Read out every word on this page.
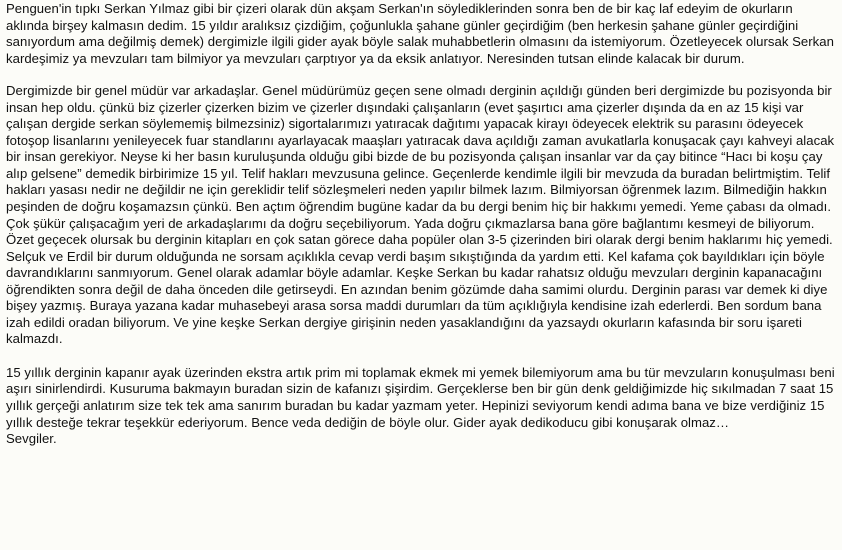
Penguen'in tıpkı Serkan Yılmaz gibi bir çizeri olarak dün akşam Serkan'ın söylediklerinden sonra ben de bir kaç laf edeyim de okurların aklında birşey kalmasın dedim. 15 yıldır aralıksız çizdiğim, çoğunlukla şahane günler geçirdiğim (ben herkesin şahane günler geçirdiğini sanıyordum ama değilmiş demek) dergimizle ilgili gider ayak böyle salak muhabbetlerin olmasını da istemiyorum. Özetleyecek olursak Serkan kardeşimiz ya mevzuları tam bilmiyor ya mevzuları çarptıyor ya da eksik anlatıyor. Neresinden tutsan elinde kalacak bir durum.

Dergimizde bir genel müdür var arkadaşlar. Genel müdürümüz geçen sene olmadı derginin açıldığı günden beri dergimizde bu pozisyonda bir insan hep oldu. çünkü biz çizerler çizerken bizim ve çizerler dışındaki çalışanların (evet şaşırtıcı ama çizerler dışında da en az 15 kişi var çalışan dergide serkan söylememiş bilmezsiniz) sigortalarımızı yatıracak dağıtımı yapacak kirayı ödeyecek elektrik su parasını ödeyecek fotoşop lisanlarını yenileyecek fuar standlarını ayarlayacak maaşları yatıracak dava açıldığı zaman avukatlarla konuşacak çayı kahveyi alacak bir insan gerekiyor. Neyse ki her basın kuruluşunda olduğu gibi bizde de bu pozisyonda çalışan insanlar var da çay bitince “Hacı bi koşu çay alıp gelsene” demedik birbirimize 15 yıl. Telif hakları mevzusuna gelince. Geçenlerde kendimle ilgili bir mevzuda da buradan belirtmiştim. Telif hakları yasası nedir ne değildir ne için gereklidir telif sözleşmeleri neden yapılır bilmek lazım. Bilmiyorsan öğrenmek lazım. Bilmediğin hakkın peşinden de doğru koşamazsın çünkü. Ben açtım öğrendim bugüne kadar da bu dergi benim hiç bir hakkımı yemedi. Yeme çabası da olmadı. Çok şükür çalışacağım yeri de arkadaşlarımı da doğru seçebiliyorum. Yada doğru çıkmazlarsa bana göre bağlantımı kesmeyi de biliyorum. Özet geçecek olursak bu derginin kitapları en çok satan görece daha popüler olan 3-5 çizerinden biri olarak dergi benim haklarımı hiç yemedi. Selçuk ve Erdil bir durum olduğunda ne sorsam açıklıkla cevap verdi başım sıkıştığında da yardım etti. Kel kafama çok bayıldıkları için böyle davrandıklarını sanmıyorum. Genel olarak adamlar böyle adamlar. Keşke Serkan bu kadar rahatsız olduğu mevzuları derginin kapanacağını öğrendikten sonra değil de daha önceden dile getirseydi. En azından benim gözümde daha samimi olurdu. Derginin parası var demek ki diye bişey yazmış. Buraya yazana kadar muhasebeyi arasa sorsa maddi durumları da tüm açıklığıyla kendisine izah ederlerdi. Ben sordum bana izah edildi oradan biliyorum. Ve yine keşke Serkan dergiye girişinin neden yasaklandığını da yazsaydı okurların kafasında bir soru işareti kalmazdı.

15 yıllık derginin kapanır ayak üzerinden ekstra artık prim mi toplamak ekmek mi yemek bilemiyorum ama bu tür mevzuların konuşulması beni aşırı sinirlendirdi. Kusuruma bakmayın buradan sizin de kafanızı şişirdim. Gerçeklerse ben bir gün denk geldiğimizde hiç sıkılmadan 7 saat 15 yıllık gerçeği anlatırım size tek tek ama sanırım buradan bu kadar yazmam yeter. Hepinizi seviyorum kendi adıma bana ve bize verdiğiniz 15 yıllık desteğe tekrar teşekkür ederiyorum. Bence veda dediğin de böyle olur. Gider ayak dedikoducu gibi konuşarak olmaz…

Sevgiler.
